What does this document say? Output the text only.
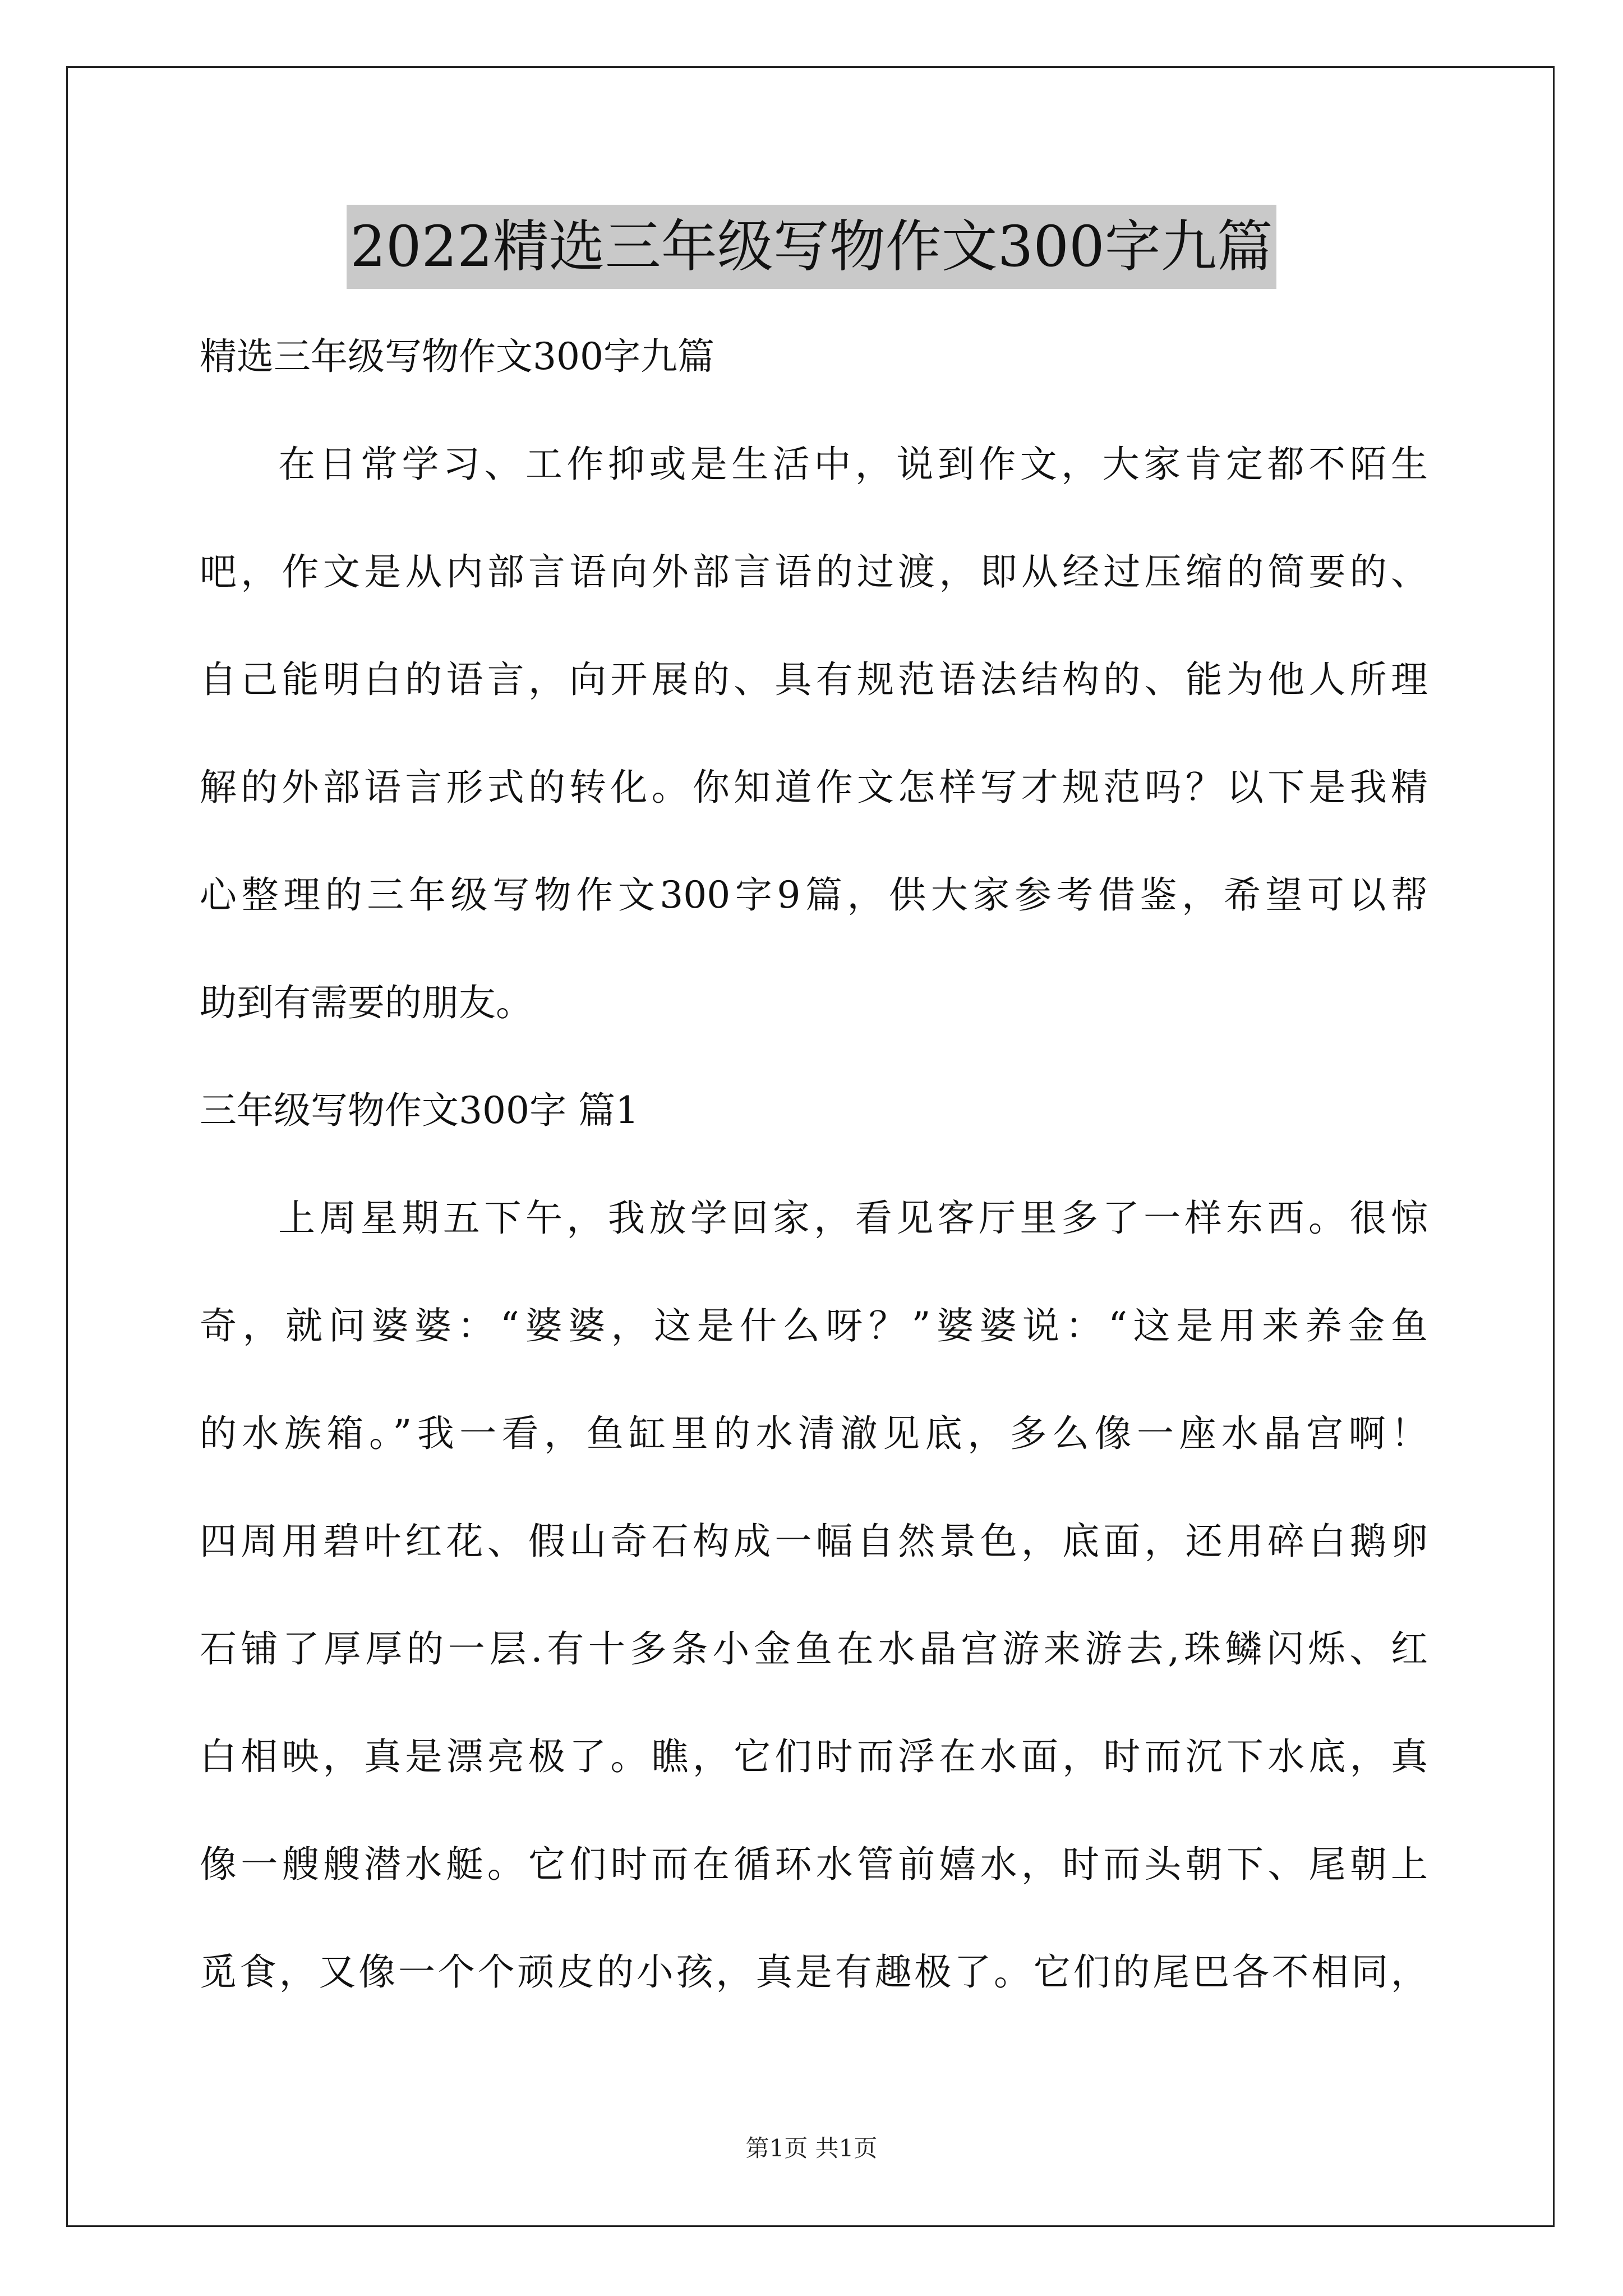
2022精选三年级写物作文300字九篇
精选三年级写物作文300字九篇
在日常学习、工作抑或是生活中，说到作文，大家肯定都不陌生
吧，作文是从内部言语向外部言语的过渡，即从经过压缩的简要的、
自己能明白的语言，向开展的、具有规范语法结构的、能为他人所理
解的外部语言形式的转化。你知道作文怎样写才规范吗？以下是我精
心整理的三年级写物作文300字9篇，供大家参考借鉴，希望可以帮
助到有需要的朋友。
三年级写物作文300字 篇1
上周星期五下午，我放学回家，看见客厅里多了一样东西。很惊
奇，就问婆婆：“婆婆，这是什么呀？”婆婆说：“这是用来养金鱼
的水族箱。”我一看，鱼缸里的水清澈见底，多么像一座水晶宫啊！
四周用碧叶红花、假山奇石构成一幅自然景色，底面，还用碎白鹅卵
石铺了厚厚的一层.有十多条小金鱼在水晶宫游来游去,珠鳞闪烁、红
白相映，真是漂亮极了。瞧，它们时而浮在水面，时而沉下水底，真
像一艘艘潜水艇。它们时而在循环水管前嬉水，时而头朝下、尾朝上
觅食，又像一个个顽皮的小孩，真是有趣极了。它们的尾巴各不相同，
第1页 共1页
